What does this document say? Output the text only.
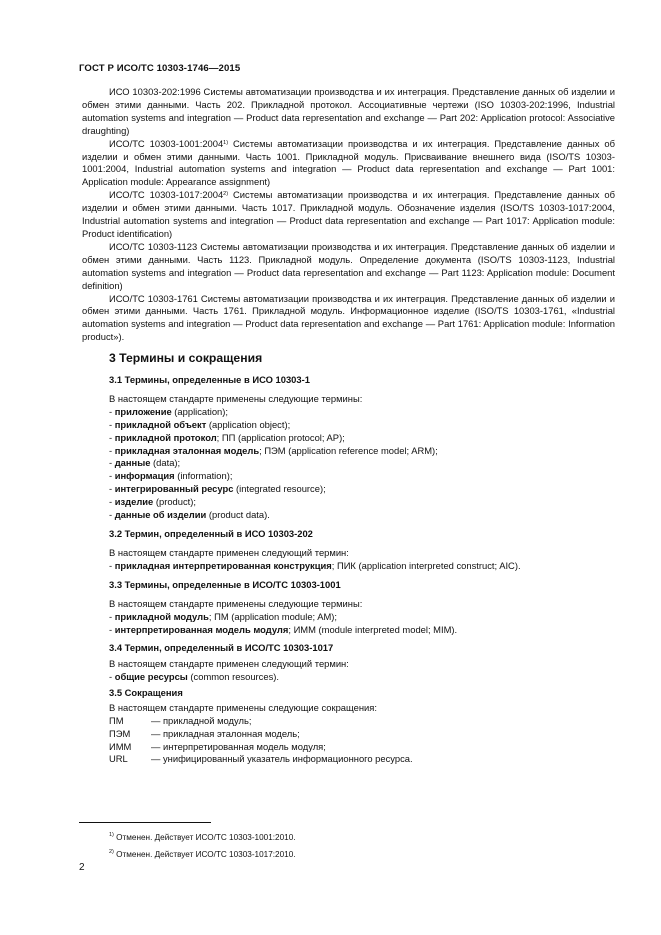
ГОСТ Р ИСО/ТС 10303-1746—2015

ИСО 10303-202:1996 Системы автоматизации производства и их интеграция. Представление данных об изделии и обмен этими данными. Часть 202. Прикладной протокол. Ассоциативные чертежи (ISO 10303-202:1996, Industrial automation systems and integration — Product data representation and exchange — Part 202: Application protocol: Associative draughting)

ИСО/ТС 10303-1001:2004$^{1)}$ Системы автоматизации производства и их интеграция. Представление данных об изделии и обмен этими данными. Часть 1001. Прикладной модуль. Присваивание внешнего вида (ISO/TS 10303-1001:2004, Industrial automation systems and integration — Product data representation and exchange — Part 1001: Application module: Appearance assignment)

ИСО/ТС 10303-1017:2004$^{2)}$ Системы автоматизации производства и их интеграция. Представление данных об изделии и обмен этими данными. Часть 1017. Прикладной модуль. Обозначение изделия (ISO/TS 10303-1017:2004, Industrial automation systems and integration — Product data representation and exchange — Part 1017: Application module: Product identification)

ИСО/ТС 10303-1123 Системы автоматизации производства и их интеграция. Представление данных об изделии и обмен этими данными. Часть 1123. Прикладной модуль. Определение документа (ISO/TS 10303-1123, Industrial automation systems and integration — Product data representation and exchange — Part 1123: Application module: Document definition)

ИСО/ТС 10303-1761 Системы автоматизации производства и их интеграция. Представление данных об изделии и обмен этими данными. Часть 1761. Прикладной модуль. Информационное изделие (ISO/TS 10303-1761, «Industrial automation systems and integration — Product data representation and exchange — Part 1761: Application module: Information product»).

3 Термины и сокращения
3.1 Термины, определенные в ИСО 10303-1
В настоящем стандарте применены следующие термины:
- приложение (application);
- прикладной объект (application object);
- прикладной протокол; ПП (application protocol; AP);
- прикладная эталонная модель; ПЭМ (application reference model; ARM);
- данные (data);
- информация (information);
- интегрированный ресурс (integrated resource);
- изделие (product);
- данные об изделии (product data).
3.2 Термин, определенный в ИСО 10303-202
В настоящем стандарте применен следующий термин:
- прикладная интерпретированная конструкция; ПИК (application interpreted construct; AIC).
3.3 Термины, определенные в ИСО/ТС 10303-1001
В настоящем стандарте применены следующие термины:
- прикладной модуль; ПМ (application module; AM);
- интерпретированная модель модуля; ИММ (module interpreted model; MIM).
3.4 Термин, определенный в ИСО/ТС 10303-1017
В настоящем стандарте применен следующий термин:
- общие ресурсы (common resources).
3.5 Сокращения
В настоящем стандарте применены следующие сокращения:
ПМ	— прикладной модуль;
ПЭМ — прикладная эталонная модель;
ИММ — интерпретированная модель модуля;
URL — унифицированный указатель информационного ресурса.
$^{1)}$ Отменен. Действует ИСО/ТС 10303-1001:2010.
$^{2)}$ Отменен. Действует ИСО/ТС 10303-1017:2010.
2
